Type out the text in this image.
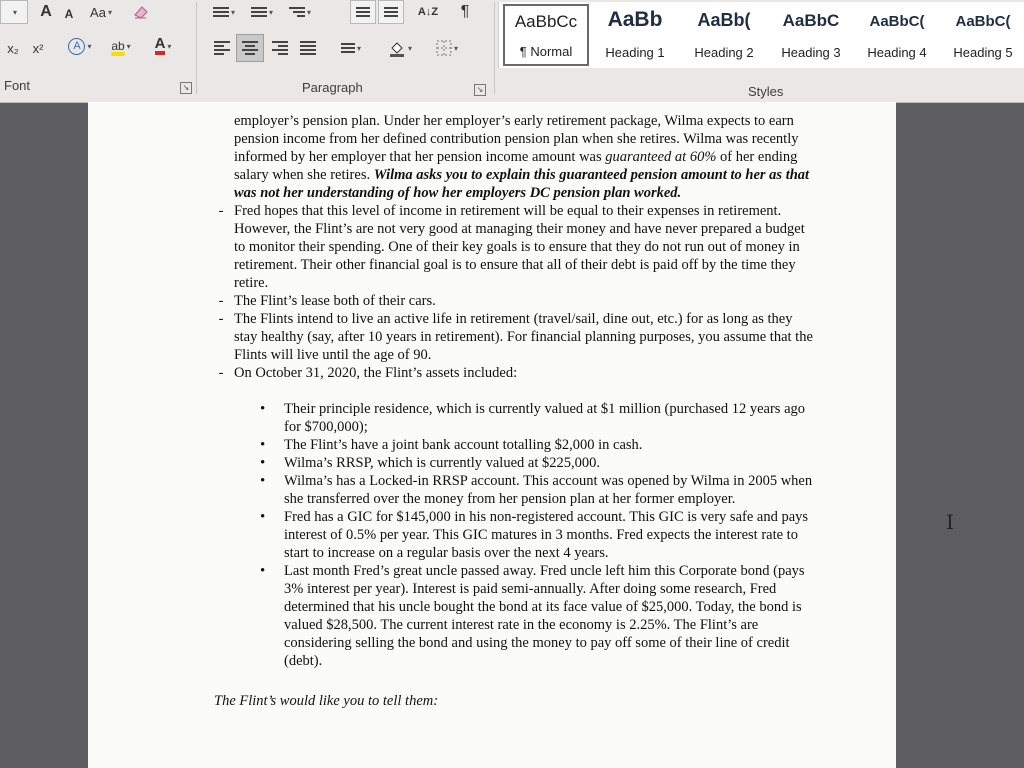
▾	A	A	Aa ▾
x₂	x²	A ▾ ab ▾ A ▾
Font	↘
▾	▾	▾	A↓Z	¶
▾	▾	▾
Paragraph	↘
AaBbCc
¶ Normal
AaBb
Heading 1
AaBb(
Heading 2
AaBbC
Heading 3
AaBbC(
Heading 4
AaBbC(
Heading 5
Styles
employer’s pension plan. Under her employer’s early retirement package, Wilma expects to earn pension income from her defined contribution pension plan when she retires. Wilma was recently informed by her employer that her pension income amount was guaranteed at 60% of her ending salary when she retires. Wilma asks you to explain this guaranteed pension amount to her as that was not her understanding of how her employers DC pension plan worked.
- Fred hopes that this level of income in retirement will be equal to their expenses in retirement. However, the Flint’s are not very good at managing their money and have never prepared a budget to monitor their spending. One of their key goals is to ensure that they do not run out of money in retirement. Their other financial goal is to ensure that all of their debt is paid off by the time they retire.
- The Flint’s lease both of their cars.
- The Flints intend to live an active life in retirement (travel/sail, dine out, etc.) for as long as they stay healthy (say, after 10 years in retirement). For financial planning purposes, you assume that the Flints will live until the age of 90.
- On October 31, 2020, the Flint’s assets included:
• Their principle residence, which is currently valued at $1 million (purchased 12 years ago for $700,000);
• The Flint’s have a joint bank account totalling $2,000 in cash.
• Wilma’s RRSP, which is currently valued at $225,000.
• Wilma’s has a Locked-in RRSP account. This account was opened by Wilma in 2005 when she transferred over the money from her pension plan at her former employer.
• Fred has a GIC for $145,000 in his non-registered account. This GIC is very safe and pays interest of 0.5% per year. This GIC matures in 3 months. Fred expects the interest rate to start to increase on a regular basis over the next 4 years.
• Last month Fred’s great uncle passed away. Fred uncle left him this Corporate bond (pays 3% interest per year). Interest is paid semi-annually. After doing some research, Fred determined that his uncle bought the bond at its face value of $25,000. Today, the bond is valued $28,500. The current interest rate in the economy is 2.25%. The Flint’s are considering selling the bond and using the money to pay off some of their line of credit (debt).
The Flint’s would like you to tell them:
I
